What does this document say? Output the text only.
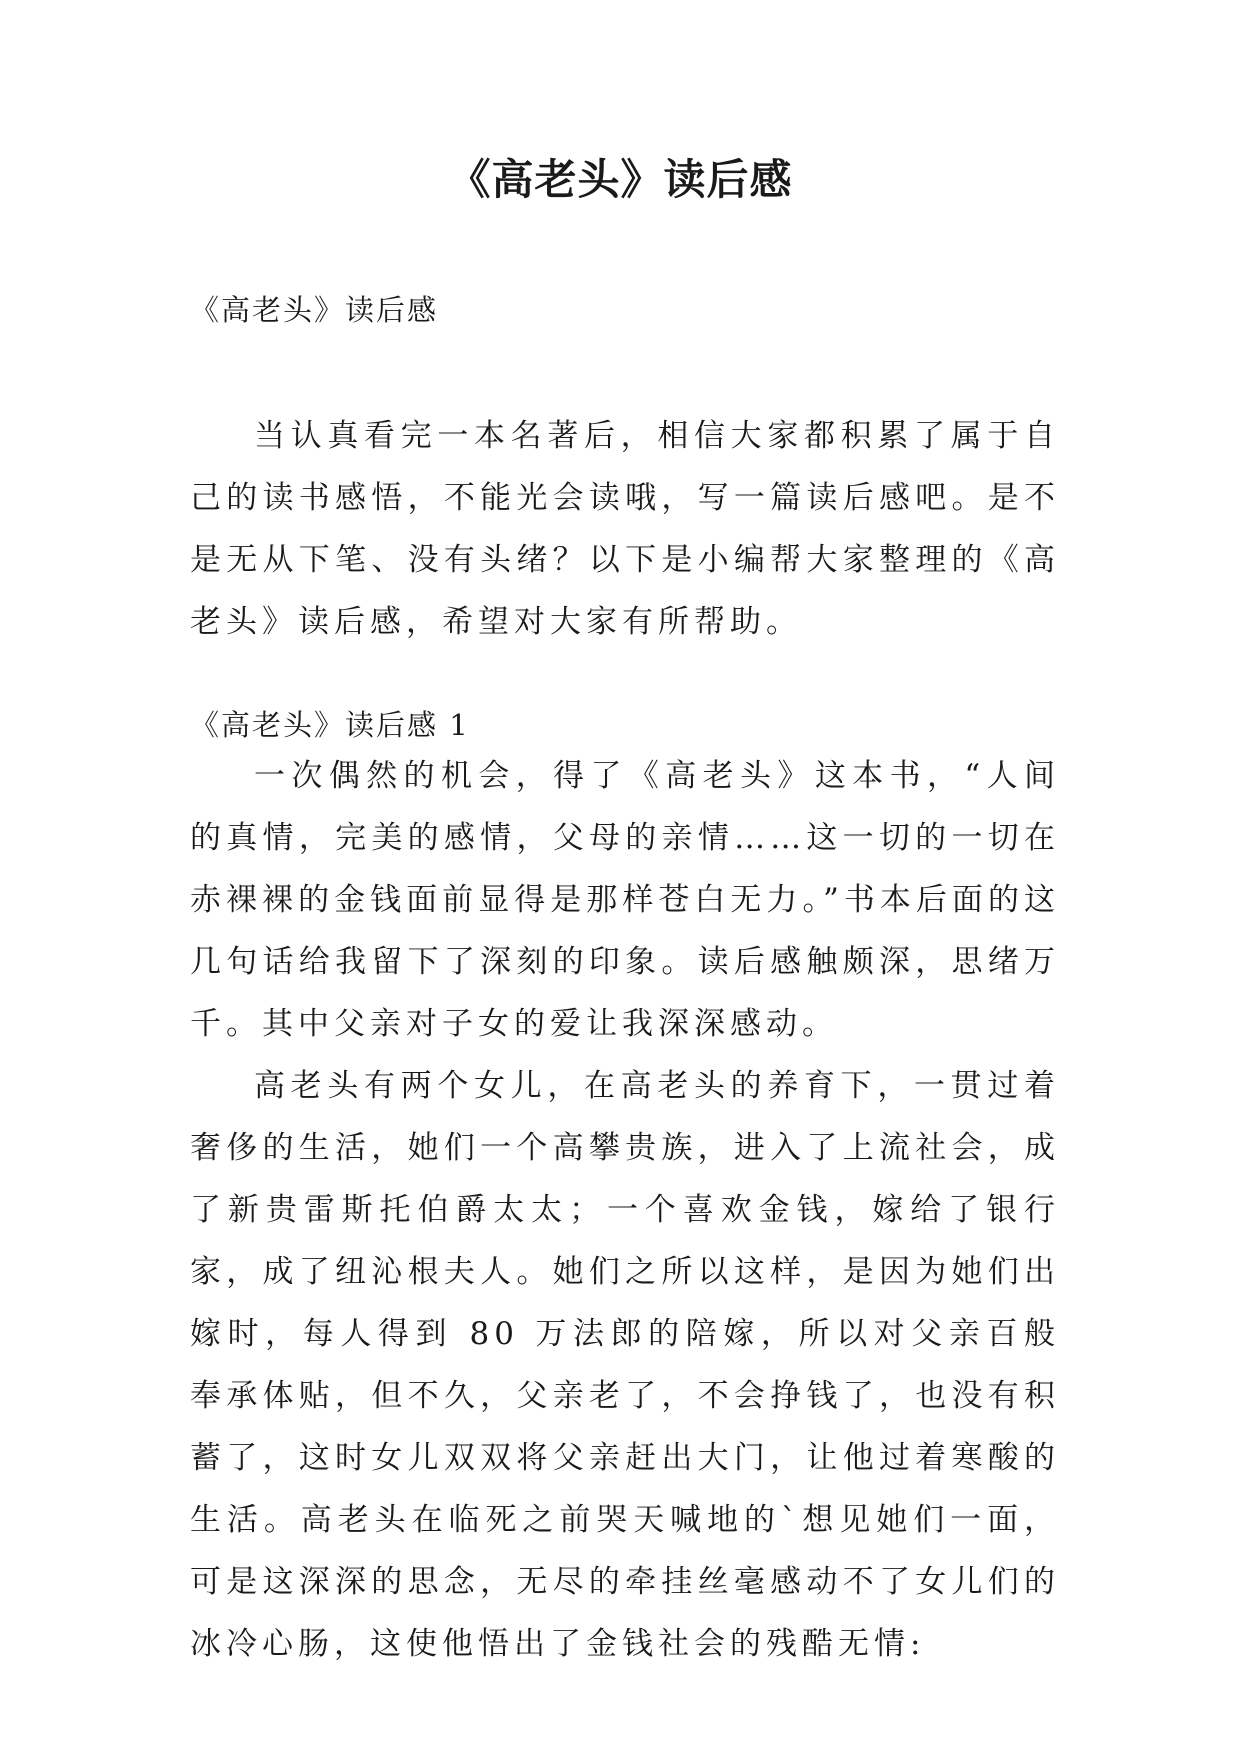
《高老头》读后感
《高老头》读后感
当认真看完一本名著后，相信大家都积累了属于自己的读书感悟，不能光会读哦，写一篇读后感吧。是不是无从下笔、没有头绪？以下是小编帮大家整理的《高老头》读后感，希望对大家有所帮助。
《高老头》读后感 1
一次偶然的机会，得了《高老头》这本书，“人间的真情，完美的感情，父母的亲情……这一切的一切在赤裸裸的金钱面前显得是那样苍白无力。”书本后面的这几句话给我留下了深刻的印象。读后感触颇深，思绪万千。其中父亲对子女的爱让我深深感动。
高老头有两个女儿，在高老头的养育下，一贯过着奢侈的生活，她们一个高攀贵族，进入了上流社会，成了新贵雷斯托伯爵太太；一个喜欢金钱，嫁给了银行家，成了纽沁根夫人。她们之所以这样，是因为她们出嫁时，每人得到 80 万法郎的陪嫁，所以对父亲百般奉承体贴，但不久，父亲老了，不会挣钱了，也没有积蓄了，这时女儿双双将父亲赶出大门，让他过着寒酸的生活。高老头在临死之前哭天喊地的`想见她们一面，可是这深深的思念，无尽的牵挂丝毫感动不了女儿们的冰冷心肠，这使他悟出了金钱社会的残酷无情:
